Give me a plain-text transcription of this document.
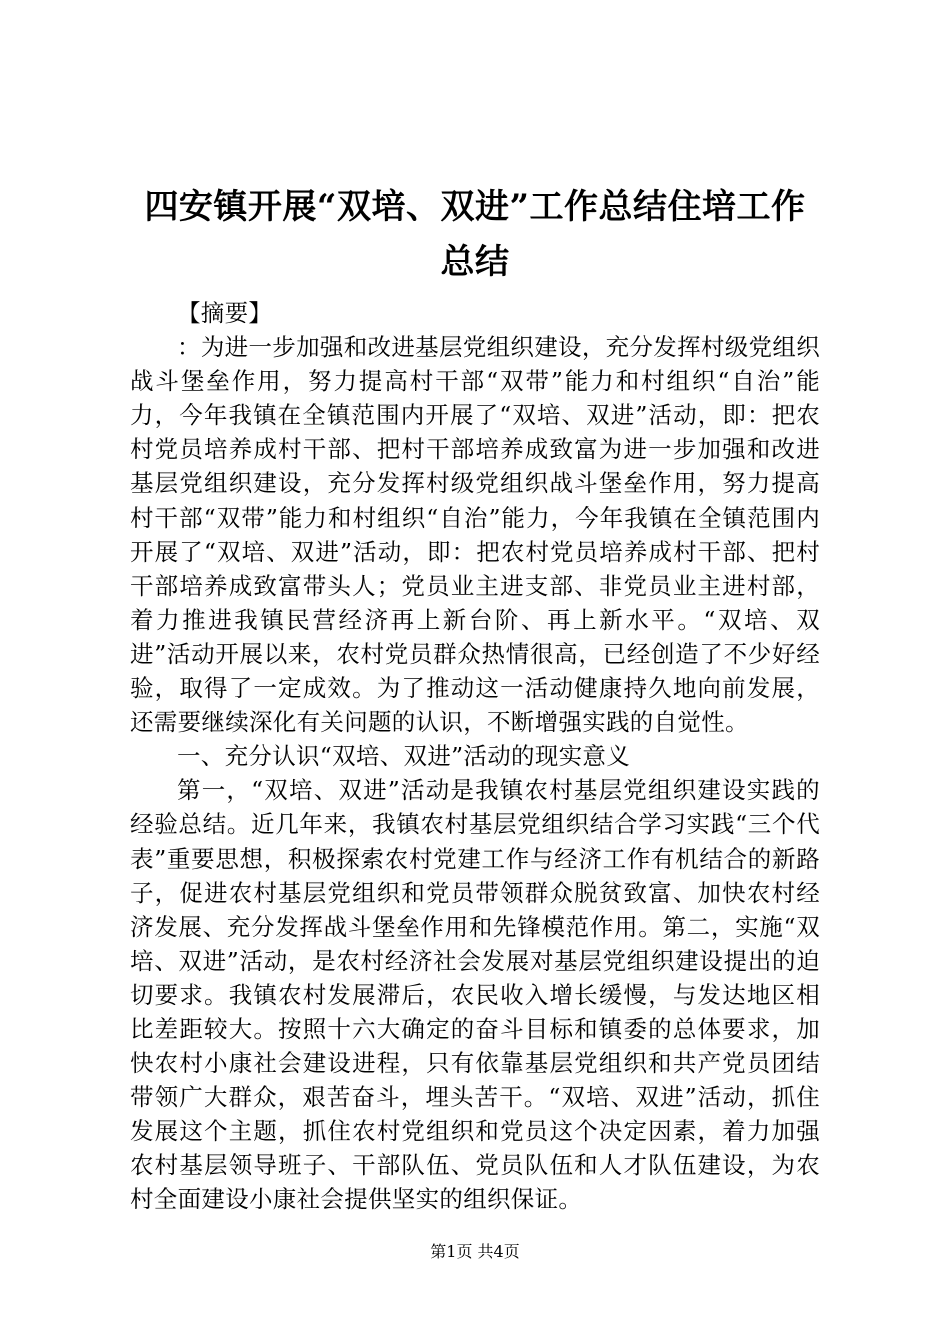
四安镇开展“双培、双进”工作总结住培工作总结

【摘要】

：为进一步加强和改进基层党组织建设，充分发挥村级党组织战斗堡垒作用，努力提高村干部“双带”能力和村组织“自治”能力，今年我镇在全镇范围内开展了“双培、双进”活动，即：把农村党员培养成村干部、把村干部培养成致富为进一步加强和改进基层党组织建设，充分发挥村级党组织战斗堡垒作用，努力提高村干部“双带”能力和村组织“自治”能力，今年我镇在全镇范围内开展了“双培、双进”活动，即：把农村党员培养成村干部、把村干部培养成致富带头人；党员业主进支部、非党员业主进村部，着力推进我镇民营经济再上新台阶、再上新水平。“双培、双进”活动开展以来，农村党员群众热情很高，已经创造了不少好经验，取得了一定成效。为了推动这一活动健康持久地向前发展，还需要继续深化有关问题的认识，不断增强实践的自觉性。

一、充分认识“双培、双进”活动的现实意义

第一，“双培、双进”活动是我镇农村基层党组织建设实践的经验总结。近几年来，我镇农村基层党组织结合学习实践“三个代表”重要思想，积极探索农村党建工作与经济工作有机结合的新路子，促进农村基层党组织和党员带领群众脱贫致富、加快农村经济发展、充分发挥战斗堡垒作用和先锋模范作用。第二，实施“双培、双进”活动，是农村经济社会发展对基层党组织建设提出的迫切要求。我镇农村发展滞后，农民收入增长缓慢，与发达地区相比差距较大。按照十六大确定的奋斗目标和镇委的总体要求，加快农村小康社会建设进程，只有依靠基层党组织和共产党员团结带领广大群众，艰苦奋斗，埋头苦干。“双培、双进”活动，抓住发展这个主题，抓住农村党组织和党员这个决定因素，着力加强农村基层领导班子、干部队伍、党员队伍和人才队伍建设，为农村全面建设小康社会提供坚实的组织保证。

第1页 共4页
